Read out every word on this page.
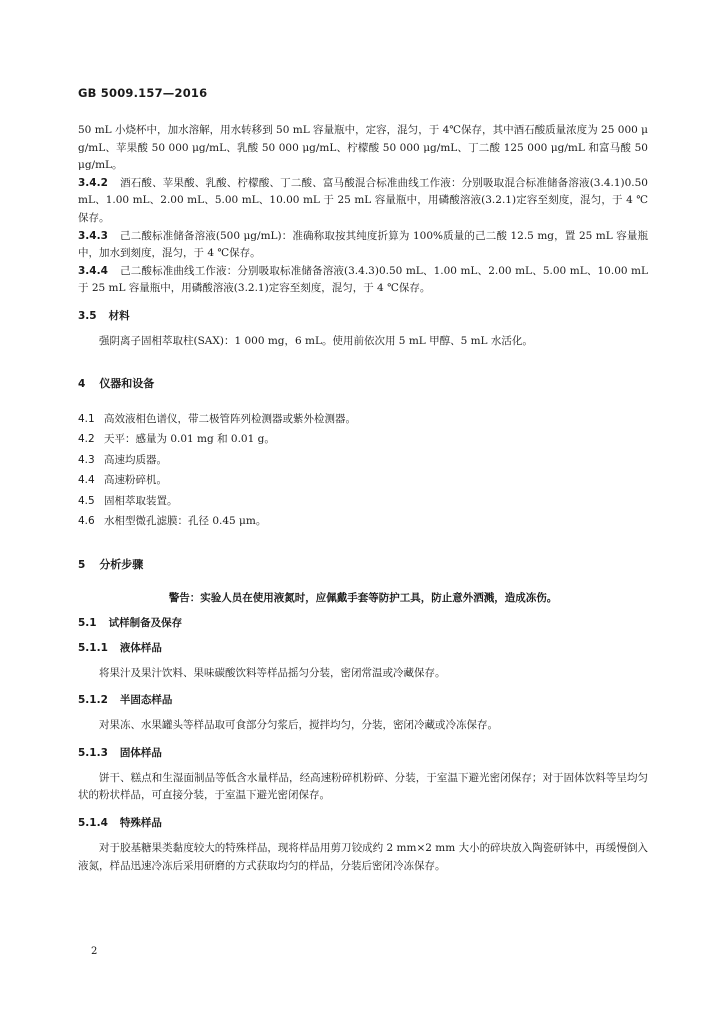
GB 5009.157—2016

50 mL 小烧杯中，加水溶解，用水转移到 50 mL 容量瓶中，定容，混匀，于 4℃保存，其中酒石酸质量浓度为 25 000 μg/mL、苹果酸 50 000 μg/mL、乳酸 50 000 μg/mL、柠檬酸 50 000 μg/mL、丁二酸 125 000 μg/mL 和富马酸 50 μg/mL。

3.4.2 酒石酸、苹果酸、乳酸、柠檬酸、丁二酸、富马酸混合标准曲线工作液：分别吸取混合标准储备溶液(3.4.1)0.50 mL、1.00 mL、2.00 mL、5.00 mL、10.00 mL 于 25 mL 容量瓶中，用磷酸溶液(3.2.1)定容至刻度，混匀，于 4 ℃保存。

3.4.3 己二酸标准储备溶液(500 μg/mL)：准确称取按其纯度折算为 100%质量的己二酸 12.5 mg，置 25 mL 容量瓶中，加水到刻度，混匀，于 4 ℃保存。

3.4.4 己二酸标准曲线工作液：分别吸取标准储备溶液(3.4.3)0.50 mL、1.00 mL、2.00 mL、5.00 mL、10.00 mL 于 25 mL 容量瓶中，用磷酸溶液(3.2.1)定容至刻度，混匀，于 4 ℃保存。

3.5 材料

强阴离子固相萃取柱(SAX)：1 000 mg，6 mL。使用前依次用 5 mL 甲醇、5 mL 水活化。

4 仪器和设备

4.1 高效液相色谱仪，带二极管阵列检测器或紫外检测器。

4.2 天平：感量为 0.01 mg 和 0.01 g。

4.3 高速均质器。

4.4 高速粉碎机。

4.5 固相萃取装置。

4.6 水相型微孔滤膜：孔径 0.45 μm。

5 分析步骤

警告：实验人员在使用液氮时，应佩戴手套等防护工具，防止意外洒溅，造成冻伤。

5.1 试样制备及保存

5.1.1 液体样品

将果汁及果汁饮料、果味碳酸饮料等样品摇匀分装，密闭常温或冷藏保存。

5.1.2 半固态样品

对果冻、水果罐头等样品取可食部分匀浆后，搅拌均匀，分装，密闭冷藏或冷冻保存。

5.1.3 固体样品

饼干、糕点和生湿面制品等低含水量样品，经高速粉碎机粉碎、分装，于室温下避光密闭保存；对于固体饮料等呈均匀状的粉状样品，可直接分装，于室温下避光密闭保存。

5.1.4 特殊样品

对于胶基糖果类黏度较大的特殊样品，现将样品用剪刀铰成约 2 mm×2 mm 大小的碎块放入陶瓷研钵中，再缓慢倒入液氮，样品迅速冷冻后采用研磨的方式获取均匀的样品，分装后密闭冷冻保存。

2
